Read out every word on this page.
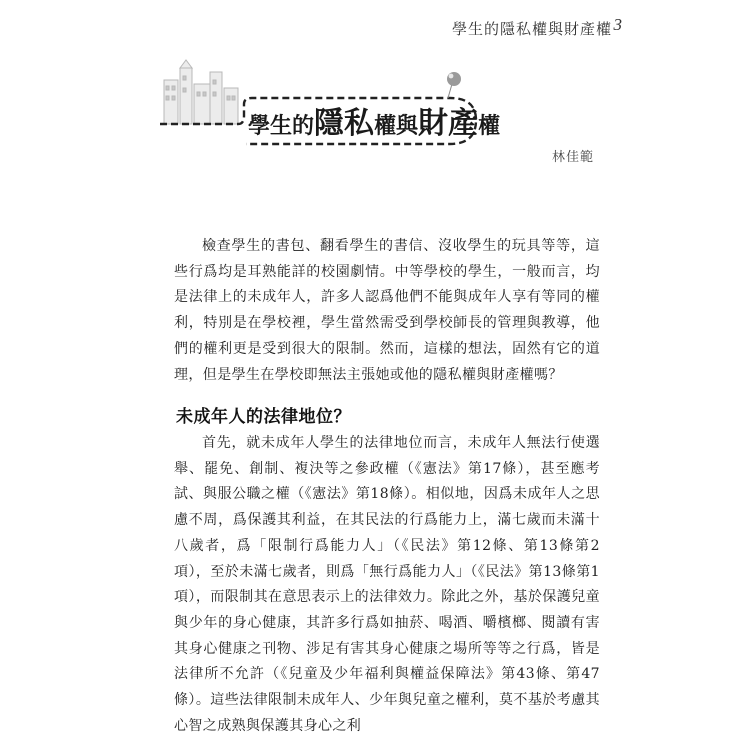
學生的隱私權與財產權 3
學生的隱私權與財產權
林佳範

檢查學生的書包、翻看學生的書信、沒收學生的玩具等等，這些行爲均是耳熟能詳的校園劇情。中等學校的學生，一般而言，均是法律上的未成年人，許多人認爲他們不能與成年人享有等同的權利，特別是在學校裡，學生當然需受到學校師長的管理與教導，他們的權利更是受到很大的限制。然而，這樣的想法，固然有它的道理，但是學生在學校即無法主張她或他的隱私權與財產權嗎？

未成年人的法律地位？

首先，就未成年人學生的法律地位而言，未成年人無法行使選舉、罷免、創制、複決等之參政權（《憲法》第17條），甚至應考試、與服公職之權（《憲法》第18條）。相似地，因爲未成年人之思慮不周，爲保護其利益，在其民法的行爲能力上，滿七歲而未滿十八歲者，爲「限制行爲能力人」（《民法》第12條、第13條第2項），至於未滿七歲者，則爲「無行爲能力人」（《民法》第13條第1項），而限制其在意思表示上的法律效力。除此之外，基於保護兒童與少年的身心健康，其許多行爲如抽菸、喝酒、嚼檳榔、閱讀有害其身心健康之刊物、涉足有害其身心健康之場所等等之行爲，皆是法律所不允許（《兒童及少年福利與權益保障法》第43條、第47條）。這些法律限制未成年人、少年與兒童之權利，莫不基於考慮其心智之成熟與保護其身心之利
